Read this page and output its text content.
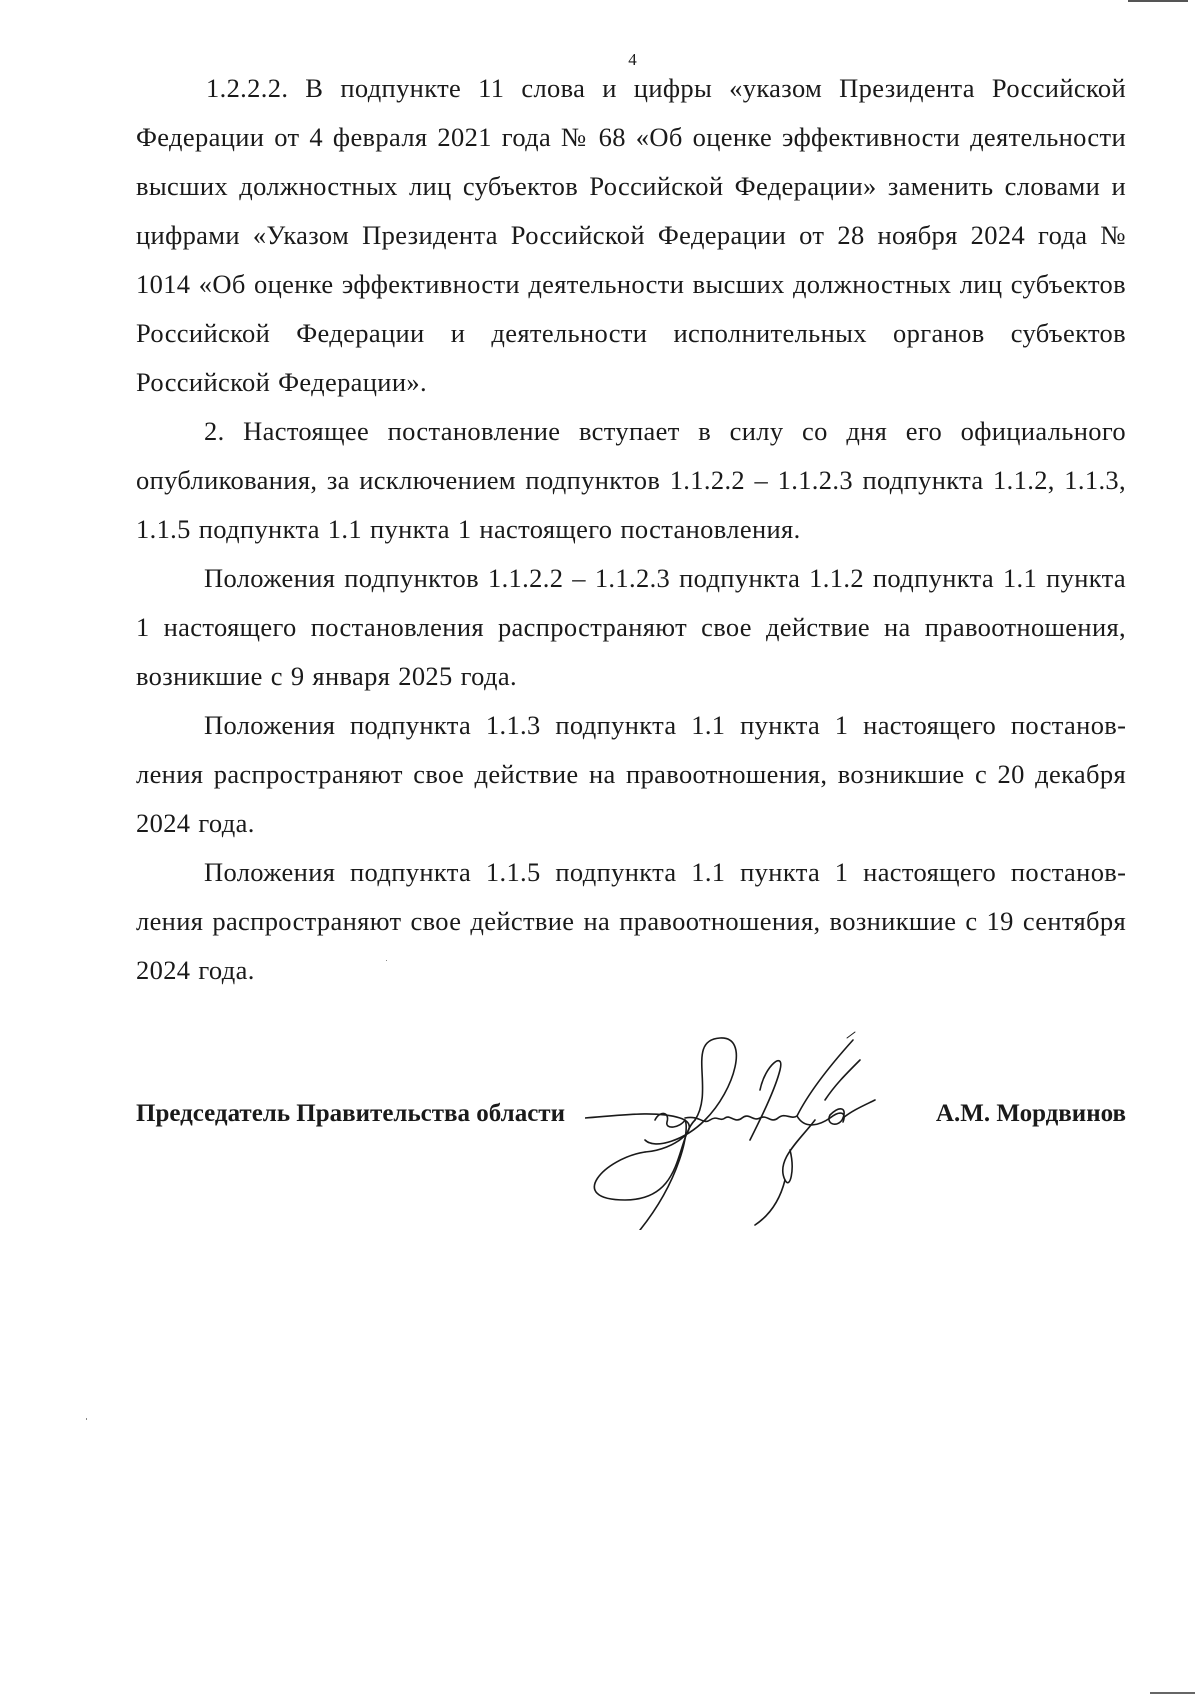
4

1.2.2.2. В подпункте 11 слова и цифры «указом Президента Российской Федерации от 4 февраля 2021 года № 68 «Об оценке эффективности деятельности высших должностных лиц субъектов Российской Федерации» заменить словами и цифрами «Указом Президента Российской Федерации от 28 ноября 2024 года № 1014 «Об оценке эффективности деятельности высших должностных лиц субъектов Российской Федерации и деятельности исполнительных органов субъектов Российской Федерации».

2. Настоящее постановление вступает в силу со дня его официального опубликования, за исключением подпунктов 1.1.2.2 – 1.1.2.3 подпункта 1.1.2, 1.1.3, 1.1.5 подпункта 1.1 пункта 1 настоящего постановления.

Положения подпунктов 1.1.2.2 – 1.1.2.3 подпункта 1.1.2 подпункта 1.1 пункта 1 настоящего постановления распространяют свое действие на правоотношения, возникшие с 9 января 2025 года.

Положения подпункта 1.1.3 подпункта 1.1 пункта 1 настоящего постановления распространяют свое действие на правоотношения, возникшие с 20 декабря 2024 года.

Положения подпункта 1.1.5 подпункта 1.1 пункта 1 настоящего постановления распространяют свое действие на правоотношения, возникшие с 19 сентября 2024 года.

Председатель Правительства области	А.М. Мордвинов
